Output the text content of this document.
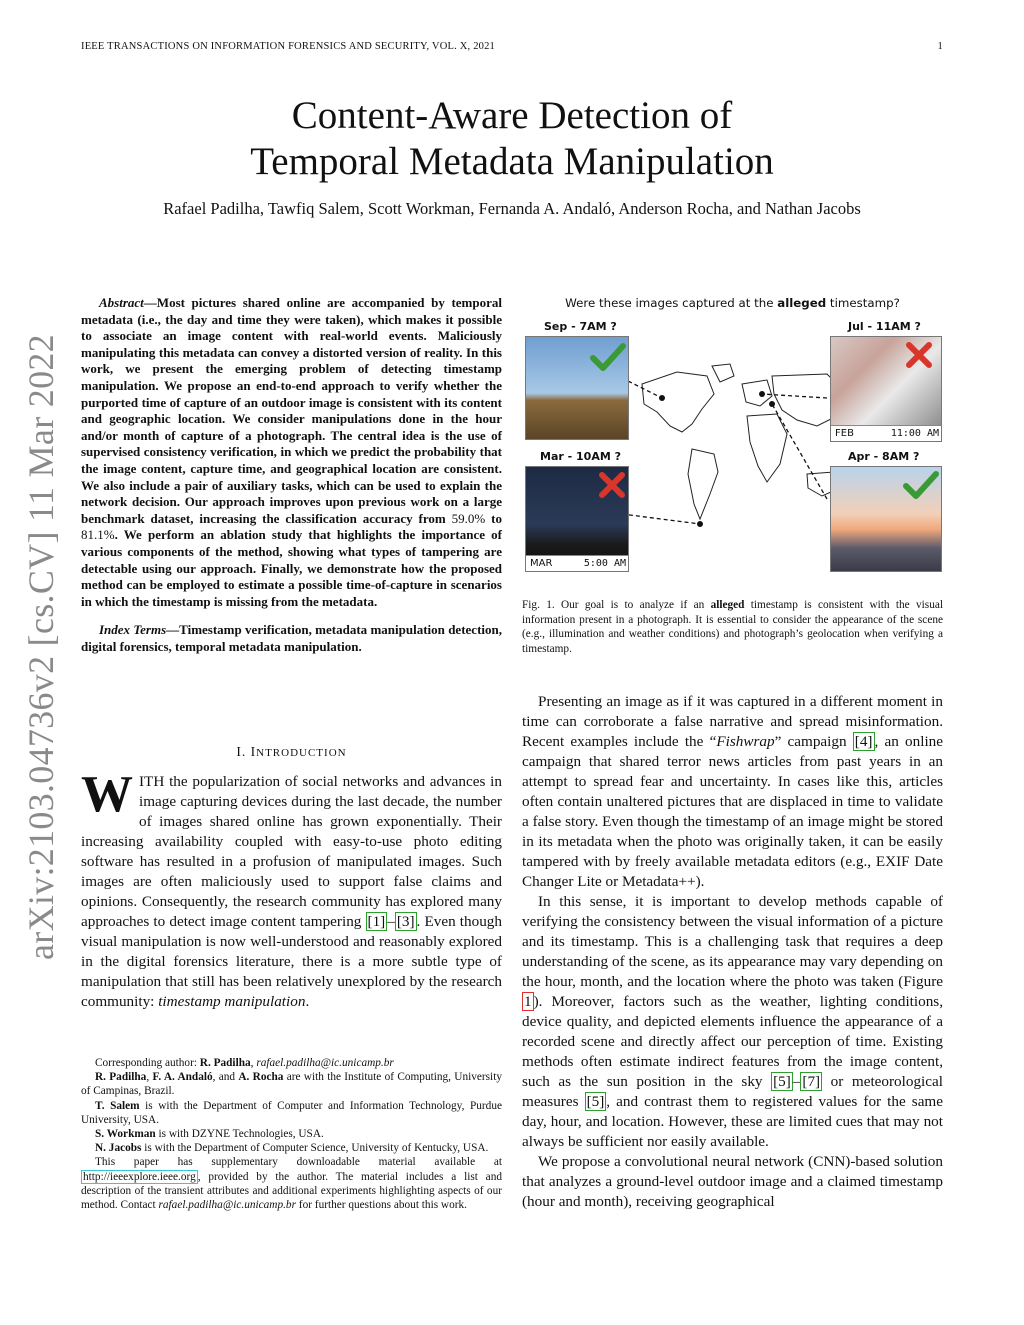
arXiv:2103.04736v2 [cs.CV] 11 Mar 2022
IEEE TRANSACTIONS ON INFORMATION FORENSICS AND SECURITY, VOL. X, 2021	1
Content-Aware Detection of
Temporal Metadata Manipulation
Rafael Padilha, Tawfiq Salem, Scott Workman, Fernanda A. Andaló, Anderson Rocha, and Nathan Jacobs

Abstract—Most pictures shared online are accompanied by temporal metadata (i.e., the day and time they were taken), which makes it possible to associate an image content with real-world events. Maliciously manipulating this metadata can convey a distorted version of reality. In this work, we present the emerging problem of detecting timestamp manipulation. We propose an end-to-end approach to verify whether the purported time of capture of an outdoor image is consistent with its content and geographic location. We consider manipulations done in the hour and/or month of capture of a photograph. The central idea is the use of supervised consistency verification, in which we predict the probability that the image content, capture time, and geographical location are consistent. We also include a pair of auxiliary tasks, which can be used to explain the network decision. Our approach improves upon previous work on a large benchmark dataset, increasing the classification accuracy from 59.0% to 81.1%. We perform an ablation study that highlights the importance of various components of the method, showing what types of tampering are detectable using our approach. Finally, we demonstrate how the proposed method can be employed to estimate a possible time-of-capture in scenarios in which the timestamp is missing from the metadata.

Index Terms—Timestamp verification, metadata manipulation detection, digital forensics, temporal metadata manipulation.

I. INTRODUCTION
WITH the popularization of social networks and advances in image capturing devices during the last decade, the number of images shared online has grown exponentially. Their increasing availability coupled with easy-to-use photo editing software has resulted in a profusion of manipulated images. Such images are often maliciously used to support false claims and opinions. Consequently, the research community has explored many approaches to detect image content tampering [1] – [3] . Even though visual manipulation is now well-understood and reasonably explored in the digital forensics literature, there is a more subtle type of manipulation that still has been relatively unexplored by the research community: timestamp manipulation.

Corresponding author: R. Padilha, rafael.padilha@ic.unicamp.br

R. Padilha, F. A. Andaló, and A. Rocha are with the Institute of Computing, University of Campinas, Brazil.

T. Salem is with the Department of Computer and Information Technology, Purdue University, USA.

S. Workman is with DZYNE Technologies, USA.

N. Jacobs is with the Department of Computer Science, University of Kentucky, USA.

This paper has supplementary downloadable material available at http://ieeexplore.ieee.org , provided by the author. The material includes a list and description of the transient attributes and additional experiments highlighting aspects of our method. Contact rafael.padilha@ic.unicamp.br for further questions about this work.

Were these images captured at the alleged timestamp?
Sep - 7AM ?	Jul - 11AM ?
FEB	11:00 AM
Mar - 10AM ?
MAR	5:00 AM
Apr - 8AM ?
Fig. 1. Our goal is to analyze if an alleged timestamp is consistent with the visual information present in a photograph. It is essential to consider the appearance of the scene (e.g., illumination and weather conditions) and photograph’s geolocation when verifying a timestamp.

Presenting an image as if it was captured in a different moment in time can corroborate a false narrative and spread misinformation. Recent examples include the “Fishwrap” campaign [4] , an online campaign that shared terror news articles from past years in an attempt to spread fear and uncertainty. In cases like this, articles often contain unaltered pictures that are displaced in time to validate a false story. Even though the timestamp of an image might be stored in its metadata when the photo was originally taken, it can be easily tampered with by freely available metadata editors (e.g., EXIF Date Changer Lite or Metadata++).

In this sense, it is important to develop methods capable of verifying the consistency between the visual information of a picture and its timestamp. This is a challenging task that requires a deep understanding of the scene, as its appearance may vary depending on the hour, month, and the location where the photo was taken (Figure 1 ). Moreover, factors such as the weather, lighting conditions, device quality, and depicted elements influence the appearance of a recorded scene and directly affect our perception of time. Existing methods often estimate indirect features from the image content, such as the sun position in the sky [5] – [7] or meteorological measures [5] , and contrast them to registered values for the same day, hour, and location. However, these are limited cues that may not always be sufficient nor easily available.

We propose a convolutional neural network (CNN)-based solution that analyzes a ground-level outdoor image and a claimed timestamp (hour and month), receiving geographical
